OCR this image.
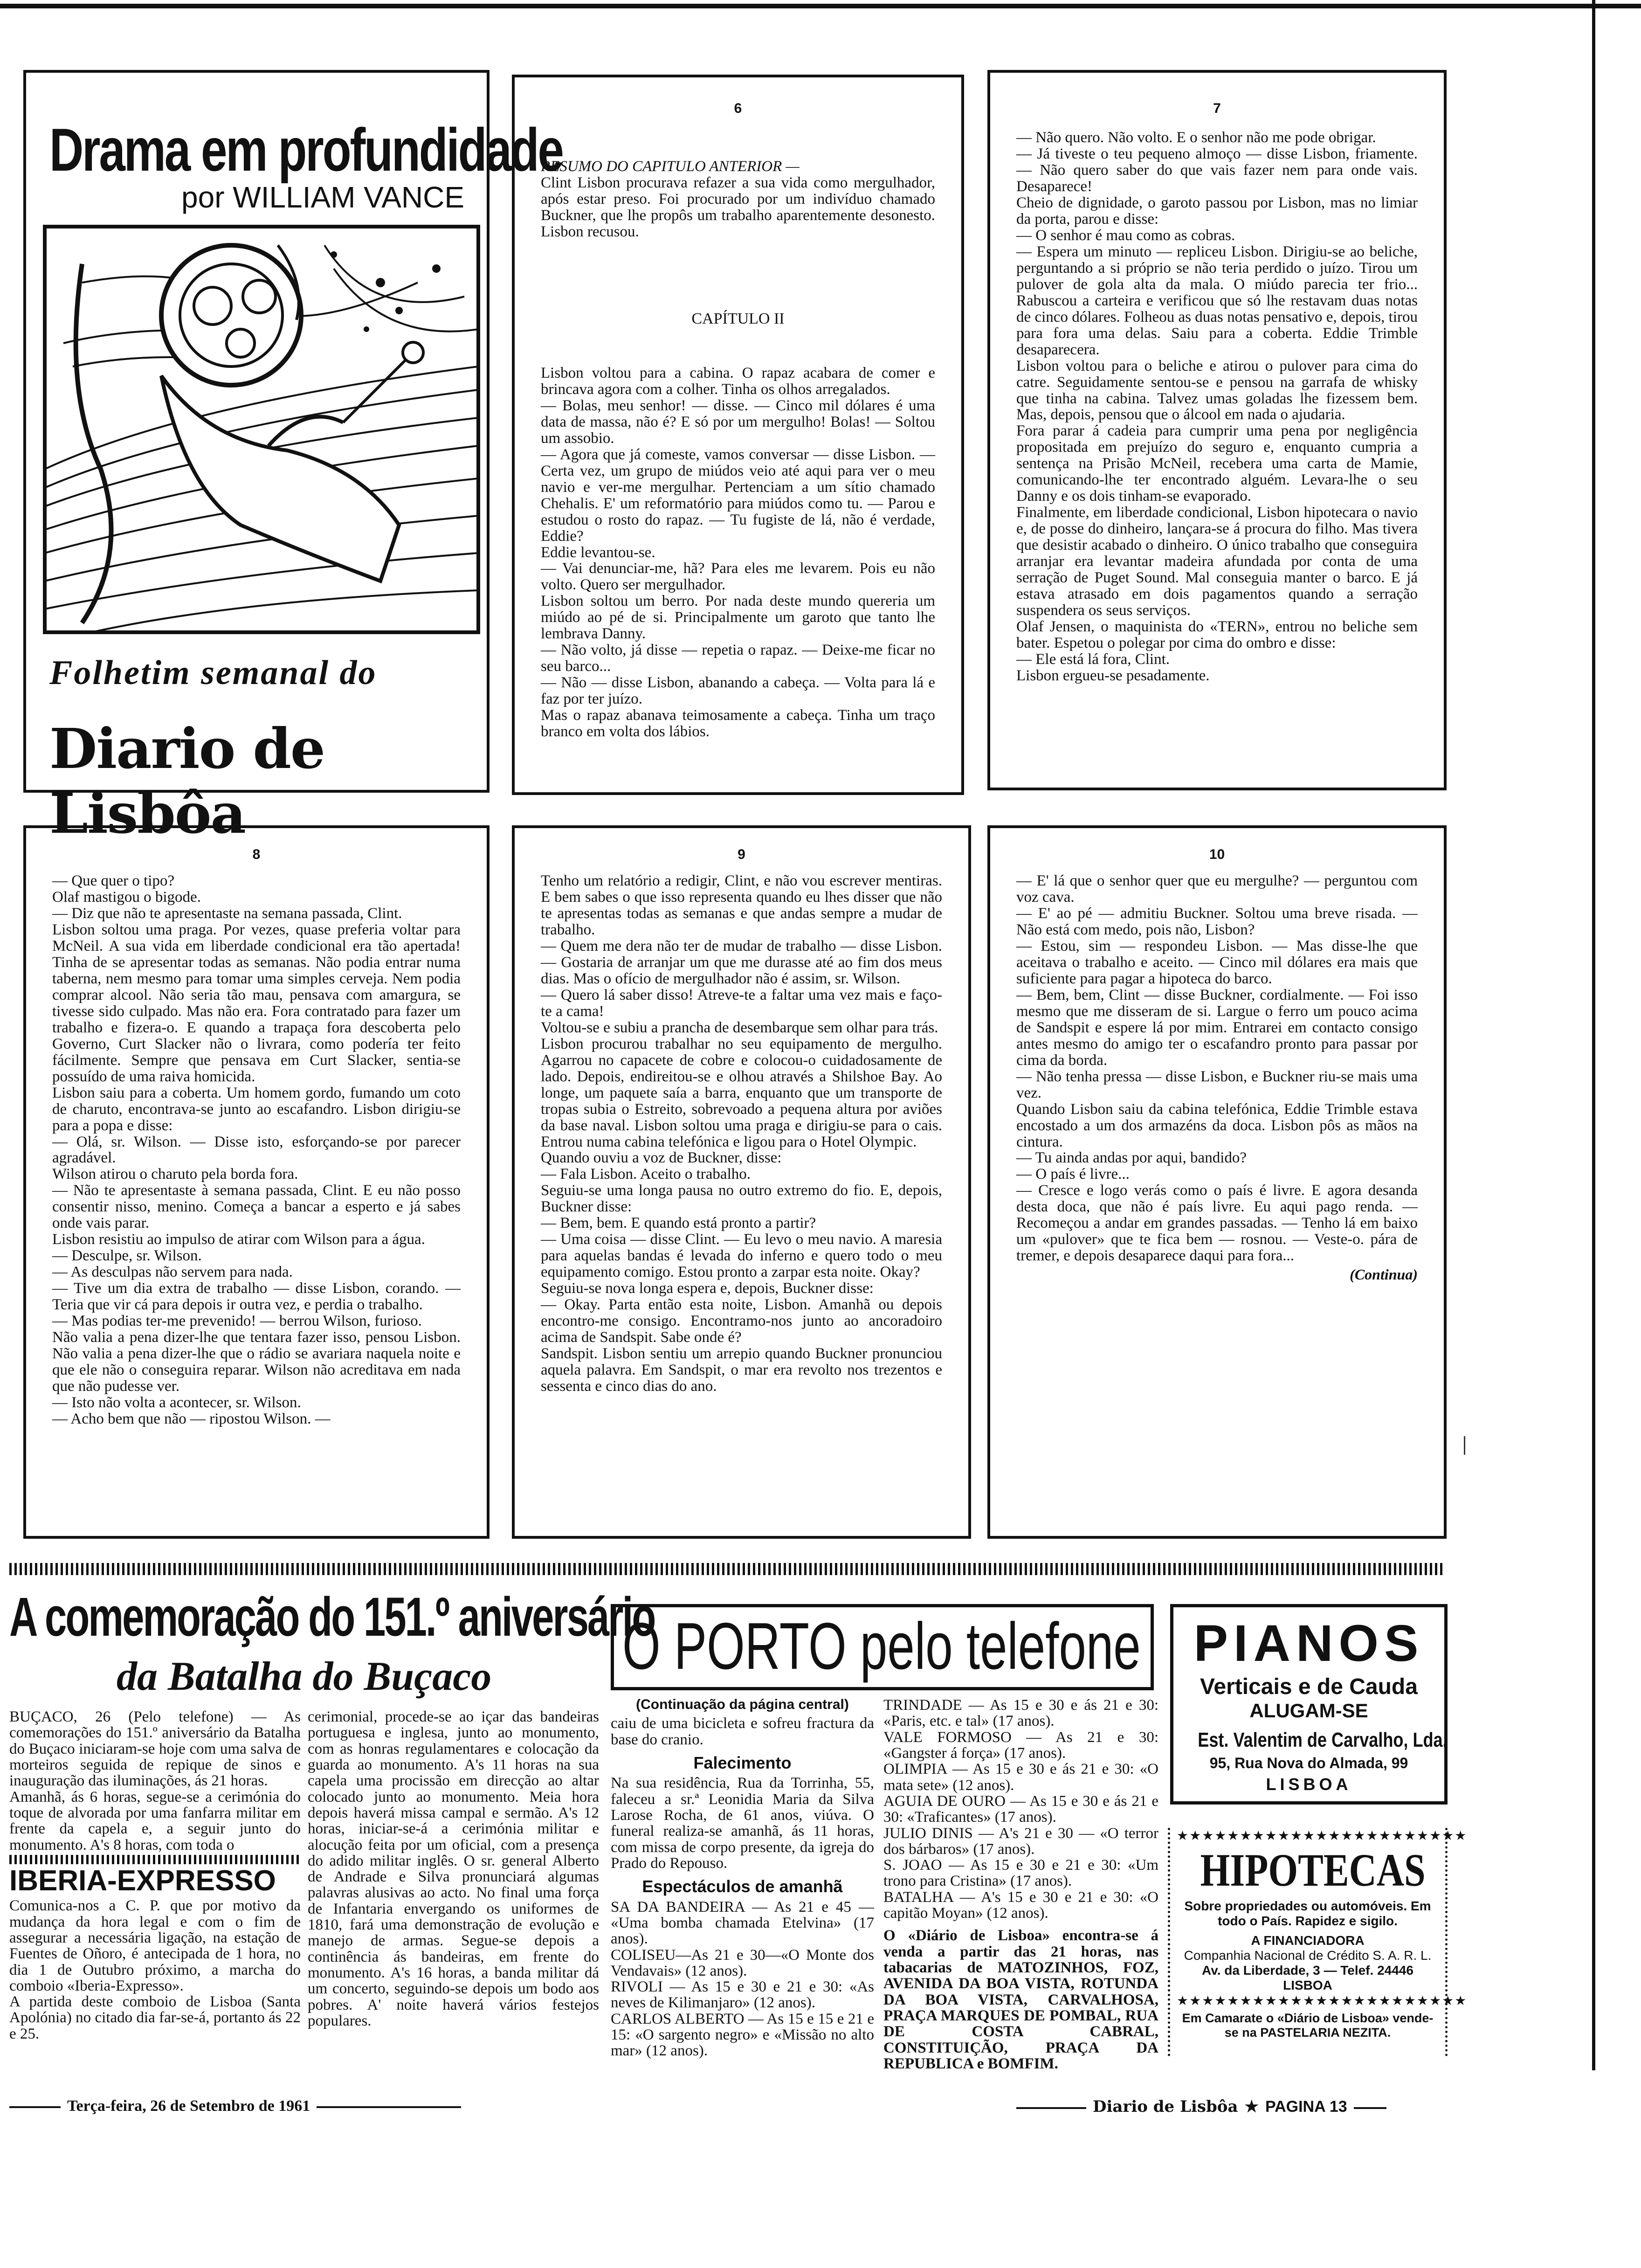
Drama em profundidade
por WILLIAM VANCE
Folhetim semanal do
Diario de Lisbôa
6

RESUMO DO CAPITULO ANTERIOR —

Clint Lisbon procurava refazer a sua vida como mergulhador, após estar preso. Foi procurado por um indivíduo chamado Buckner, que lhe propôs um trabalho aparentemente desonesto. Lisbon recusou.

CAPÍTULO II

Lisbon voltou para a cabina. O rapaz acabara de comer e brincava agora com a colher. Tinha os olhos arregalados.

— Bolas, meu senhor! — disse. — Cinco mil dólares é uma data de massa, não é? E só por um mergulho! Bolas! — Soltou um assobio.

— Agora que já comeste, vamos conversar — disse Lisbon. — Certa vez, um grupo de miúdos veio até aqui para ver o meu navio e ver-me mergulhar. Pertenciam a um sítio chamado Chehalis. E' um reformatório para miúdos como tu. — Parou e estudou o rosto do rapaz. — Tu fugiste de lá, não é verdade, Eddie?

Eddie levantou-se.

— Vai denunciar-me, hã? Para eles me levarem. Pois eu não volto. Quero ser mergulhador.

Lisbon soltou um berro. Por nada deste mundo quereria um miúdo ao pé de si. Principalmente um garoto que tanto lhe lembrava Danny.

— Não volto, já disse — repetia o rapaz. — Deixe-me ficar no seu barco...

— Não — disse Lisbon, abanando a cabeça. — Volta para lá e faz por ter juízo.

Mas o rapaz abanava teimosamente a cabeça. Tinha um traço branco em volta dos lábios.

7

— Não quero. Não volto. E o senhor não me pode obrigar.

— Já tiveste o teu pequeno almoço — disse Lisbon, friamente. — Não quero saber do que vais fazer nem para onde vais. Desaparece!

Cheio de dignidade, o garoto passou por Lisbon, mas no limiar da porta, parou e disse:

— O senhor é mau como as cobras.

— Espera um minuto — repliceu Lisbon. Dirigiu-se ao beliche, perguntando a si próprio se não teria perdido o juízo. Tirou um pulover de gola alta da mala. O miúdo parecia ter frio... Rabuscou a carteira e verificou que só lhe restavam duas notas de cinco dólares. Folheou as duas notas pensativo e, depois, tirou para fora uma delas. Saiu para a coberta. Eddie Trimble desaparecera.

Lisbon voltou para o beliche e atirou o pulover para cima do catre. Seguidamente sentou-se e pensou na garrafa de whisky que tinha na cabina. Talvez umas goladas lhe fizessem bem. Mas, depois, pensou que o álcool em nada o ajudaria.

Fora parar á cadeia para cumprir uma pena por negligência propositada em prejuízo do seguro e, enquanto cumpria a sentença na Prisão McNeil, recebera uma carta de Mamie, comunicando-lhe ter encontrado alguém. Levara-lhe o seu Danny e os dois tinham-se evaporado.

Finalmente, em liberdade condicional, Lisbon hipotecara o navio e, de posse do dinheiro, lançara-se á procura do filho. Mas tivera que desistir acabado o dinheiro. O único trabalho que conseguira arranjar era levantar madeira afundada por conta de uma serração de Puget Sound. Mal conseguia manter o barco. E já estava atrasado em dois pagamentos quando a serração suspendera os seus serviços.

Olaf Jensen, o maquinista do «TERN», entrou no beliche sem bater. Espetou o polegar por cima do ombro e disse:

— Ele está lá fora, Clint.

Lisbon ergueu-se pesadamente.

8

— Que quer o tipo?

Olaf mastigou o bigode.

— Diz que não te apresentaste na semana passada, Clint.

Lisbon soltou uma praga. Por vezes, quase preferia voltar para McNeil. A sua vida em liberdade condicional era tão apertada! Tinha de se apresentar todas as semanas. Não podia entrar numa taberna, nem mesmo para tomar uma simples cerveja. Nem podia comprar alcool. Não seria tão mau, pensava com amargura, se tivesse sido culpado. Mas não era. Fora contratado para fazer um trabalho e fizera-o. E quando a trapaça fora descoberta pelo Governo, Curt Slacker não o livrara, como podería ter feito fácilmente. Sempre que pensava em Curt Slacker, sentia-se possuído de uma raiva homicida.

Lisbon saiu para a coberta. Um homem gordo, fumando um coto de charuto, encontrava-se junto ao escafandro. Lisbon dirigiu-se para a popa e disse:

— Olá, sr. Wilson. — Disse isto, esforçando-se por parecer agradável.

Wilson atirou o charuto pela borda fora.

— Não te apresentaste à semana passada, Clint. E eu não posso consentir nisso, menino. Começa a bancar a esperto e já sabes onde vais parar.

Lisbon resistiu ao impulso de atirar com Wilson para a água.

— Desculpe, sr. Wilson.

— As desculpas não servem para nada.

— Tive um dia extra de trabalho — disse Lisbon, corando. — Teria que vir cá para depois ir outra vez, e perdia o trabalho.

— Mas podias ter-me prevenido! — berrou Wilson, furioso.

Não valia a pena dizer-lhe que tentara fazer isso, pensou Lisbon. Não valia a pena dizer-lhe que o rádio se avariara naquela noite e que ele não o conseguira reparar. Wilson não acreditava em nada que não pudesse ver.

— Isto não volta a acontecer, sr. Wilson.

— Acho bem que não — ripostou Wilson. —

9

Tenho um relatório a redigir, Clint, e não vou escrever mentiras. E bem sabes o que isso representa quando eu lhes disser que não te apresentas todas as semanas e que andas sempre a mudar de trabalho.

— Quem me dera não ter de mudar de trabalho — disse Lisbon. — Gostaria de arranjar um que me durasse até ao fim dos meus dias. Mas o ofício de mergulhador não é assim, sr. Wilson.

— Quero lá saber disso! Atreve-te a faltar uma vez mais e faço-te a cama!

Voltou-se e subiu a prancha de desembarque sem olhar para trás.

Lisbon procurou trabalhar no seu equipamento de mergulho. Agarrou no capacete de cobre e colocou-o cuidadosamente de lado. Depois, endireitou-se e olhou através a Shilshoe Bay. Ao longe, um paquete saía a barra, enquanto que um transporte de tropas subia o Estreito, sobrevoado a pequena altura por aviões da base naval. Lisbon soltou uma praga e dirigiu-se para o cais. Entrou numa cabina telefónica e ligou para o Hotel Olympic.

Quando ouviu a voz de Buckner, disse:

— Fala Lisbon. Aceito o trabalho.

Seguiu-se uma longa pausa no outro extremo do fio. E, depois, Buckner disse:

— Bem, bem. E quando está pronto a partir?

— Uma coisa — disse Clint. — Eu levo o meu navio. A maresia para aquelas bandas é levada do inferno e quero todo o meu equipamento comigo. Estou pronto a zarpar esta noite. Okay?

Seguiu-se nova longa espera e, depois, Buckner disse:

— Okay. Parta então esta noite, Lisbon. Amanhã ou depois encontro-me consigo. Encontramo-nos junto ao ancoradoiro acima de Sandspit. Sabe onde é?

Sandspit. Lisbon sentiu um arrepio quando Buckner pronunciou aquela palavra. Em Sandspit, o mar era revolto nos trezentos e sessenta e cinco dias do ano.

10

— E' lá que o senhor quer que eu mergulhe? — perguntou com voz cava.

— E' ao pé — admitiu Buckner. Soltou uma breve risada. — Não está com medo, pois não, Lisbon?

— Estou, sim — respondeu Lisbon. — Mas disse-lhe que aceitava o trabalho e aceito. — Cinco mil dólares era mais que suficiente para pagar a hipoteca do barco.

— Bem, bem, Clint — disse Buckner, cordialmente. — Foi isso mesmo que me disseram de si. Largue o ferro um pouco acima de Sandspit e espere lá por mim. Entrarei em contacto consigo antes mesmo do amigo ter o escafandro pronto para passar por cima da borda.

— Não tenha pressa — disse Lisbon, e Buckner riu-se mais uma vez.

Quando Lisbon saiu da cabina telefónica, Eddie Trimble estava encostado a um dos armazéns da doca. Lisbon pôs as mãos na cintura.

— Tu ainda andas por aqui, bandido?

— O país é livre...

— Cresce e logo verás como o país é livre. E agora desanda desta doca, que não é país livre. Eu aqui pago renda. — Recomeçou a andar em grandes passadas. — Tenho lá em baixo um «pulover» que te fica bem — rosnou. — Veste-o. pára de tremer, e depois desaparece daqui para fora...

(Continua)
A comemoração do 151.º aniversário
da Batalha do Buçaco

BUÇACO, 26 (Pelo telefone) — As comemorações do 151.º aniversário da Batalha do Buçaco iniciaram-se hoje com uma salva de morteiros seguida de repique de sinos e inauguração das iluminações, ás 21 horas.

Amanhã, ás 6 horas, segue-se a cerimónia do toque de alvorada por uma fanfarra militar em frente da capela e, a seguir junto do monumento. A's 8 horas, com toda o

IBERIA-EXPRESSO

Comunica-nos a C. P. que por motivo da mudança da hora legal e com o fim de assegurar a necessária ligação, na estação de Fuentes de Oñoro, é antecipada de 1 hora, no dia 1 de Outubro próximo, a marcha do comboio «Iberia-Expresso».

A partida deste comboio de Lisboa (Santa Apolónia) no citado dia far-se-á, portanto ás 22 e 25.

cerimonial, procede-se ao içar das bandeiras portuguesa e inglesa, junto ao monumento, com as honras regulamentares e colocação da guarda ao monumento. A's 11 horas na sua capela uma procissão em direcção ao altar colocado junto ao monumento. Meia hora depois haverá missa campal e sermão. A's 12 horas, iniciar-se-á a cerimónia militar e alocução feita por um oficial, com a presença do adido militar inglês. O sr. general Alberto de Andrade e Silva pronunciará algumas palavras alusivas ao acto. No final uma força de Infantaria envergando os uniformes de 1810, fará uma demonstração de evolução e manejo de armas. Segue-se depois a continência ás bandeiras, em frente do monumento. A's 16 horas, a banda militar dá um concerto, seguindo-se depois um bodo aos pobres. A' noite haverá vários festejos populares.

O PORTO pelo telefone

(Continuação da página central)

caiu de uma bicicleta e sofreu fractura da base do cranio.

Falecimento

Na sua residência, Rua da Torrinha, 55, faleceu a sr.ª Leonidia Maria da Silva Larose Rocha, de 61 anos, viúva. O funeral realiza-se amanhã, ás 11 horas, com missa de corpo presente, da igreja do Prado do Repouso.

Espectáculos de amanhã

SA DA BANDEIRA — As 21 e 45 — «Uma bomba chamada Etelvina» (17 anos).

COLISEU—As 21 e 30—«O Monte dos Vendavais» (12 anos).

RIVOLI — As 15 e 30 e 21 e 30: «As neves de Kilimanjaro» (12 anos).

CARLOS ALBERTO — As 15 e 15 e 21 e 15: «O sargento negro» e «Missão no alto mar» (12 anos).

TRINDADE — As 15 e 30 e ás 21 e 30: «Paris, etc. e tal» (17 anos).

VALE FORMOSO — As 21 e 30: «Gangster á força» (17 anos).

OLIMPIA — As 15 e 30 e ás 21 e 30: «O mata sete» (12 anos).

AGUIA DE OURO — As 15 e 30 e ás 21 e 30: «Traficantes» (17 anos).

JULIO DINIS — A's 21 e 30 — «O terror dos bárbaros» (17 anos).

S. JOAO — As 15 e 30 e 21 e 30: «Um trono para Cristina» (17 anos).

BATALHA — A's 15 e 30 e 21 e 30: «O capitão Moyan» (12 anos).

O «Diário de Lisboa» encontra-se á venda a partir das 21 horas, nas tabacarias de MATOZINHOS, FOZ, AVENIDA DA BOA VISTA, ROTUNDA DA BOA VISTA, CARVALHOSA, PRAÇA MARQUES DE POMBAL, RUA DE COSTA CABRAL, CONSTITUIÇÃO, PRAÇA DA REPUBLICA e BOMFIM.

PIANOS
Verticais e de Cauda
ALUGAM-SE
Est. Valentim de Carvalho, Lda.
95, Rua Nova do Almada, 99
LISBOA
★★★★★★★★★★★★★★★★★★★★★★★
HIPOTECAS
Sobre propriedades ou automóveis. Em todo o País. Rapidez e sigilo.
A FINANCIADORA
Companhia Nacional de Crédito S. A. R. L.
Av. da Liberdade, 3 — Telef. 24446
LISBOA
★★★★★★★★★★★★★★★★★★★★★★★
Em Camarate o «Diário de Lisboa» vende-se na PASTELARIA NEZITA.
Terça-feira, 26 de Setembro de 1961	Diario de Lisbôa ★ PAGINA 13
